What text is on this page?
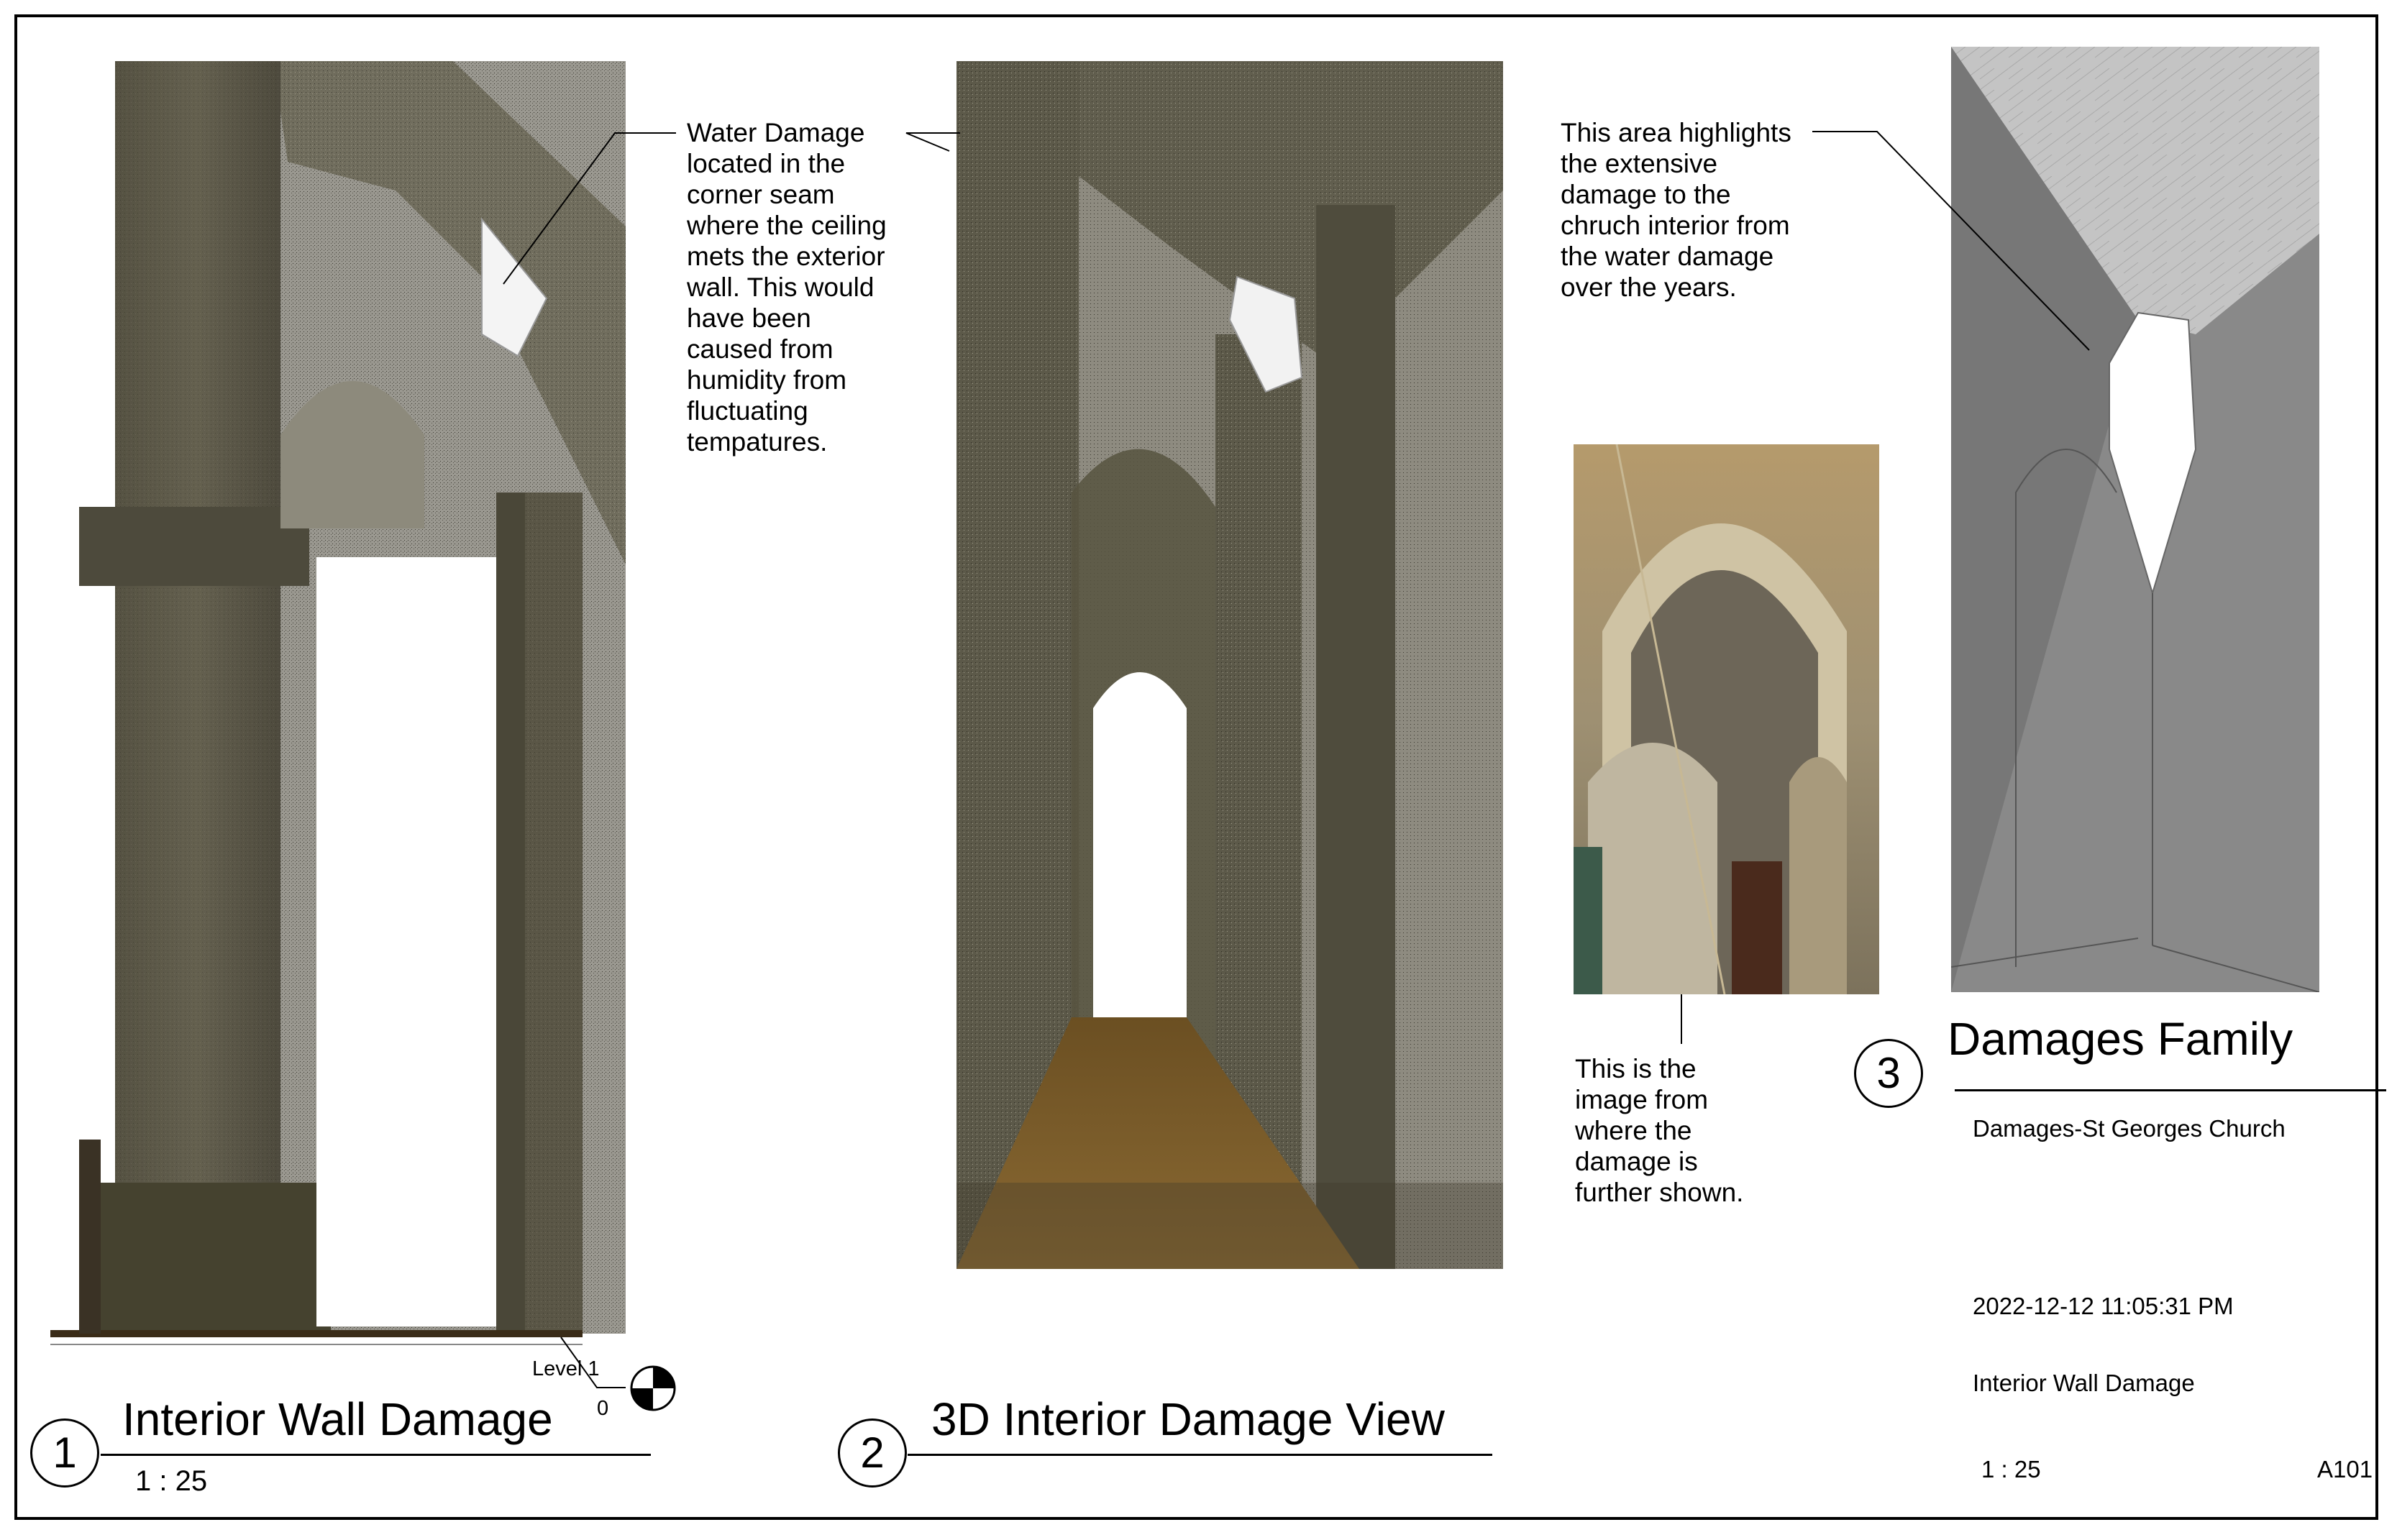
Water Damage
located in the
corner seam
where the ceiling
mets the exterior
wall. This would
have been
caused from
humidity from
fluctuating
tempatures.
This area highlights
the extensive
damage to the
chruch interior from
the water damage
over the years.
This is the
image from
where the
damage is
further shown.
Level 1
0
1
Interior Wall Damage
1 : 25
2
3D Interior Damage View
3
Damages Family
Damages-St Georges Church
2022-12-12 11:05:31 PM
Interior Wall Damage
1 : 25	A101
